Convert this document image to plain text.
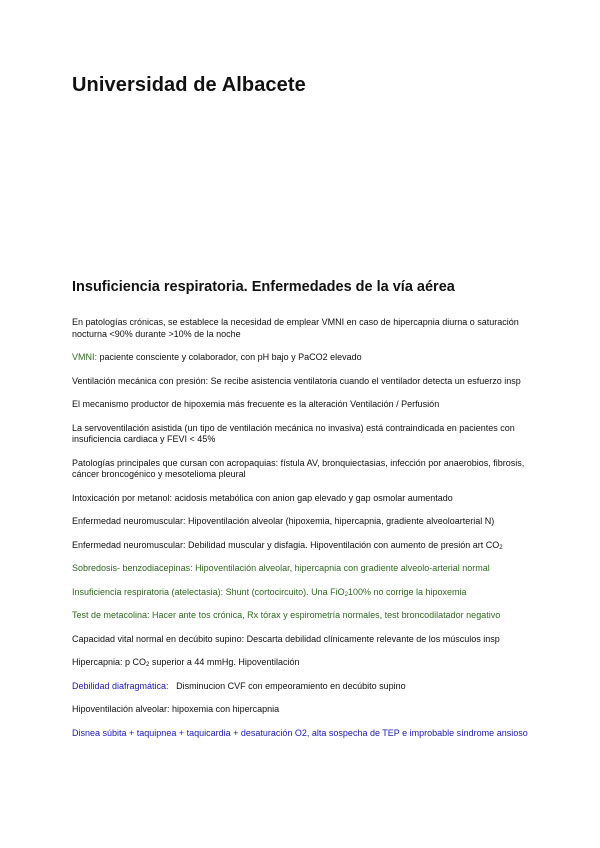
Universidad de Albacete
Insuficiencia respiratoria. Enfermedades de la vía aérea

En patologías crónicas, se establece la necesidad de emplear VMNI en caso de hipercapnia diurna o saturación nocturna <90% durante >10% de la noche

VMNI: paciente consciente y colaborador, con pH bajo y PaCO2 elevado

Ventilación mecánica con presión: Se recibe asistencia ventilatoria cuando el ventilador detecta un esfuerzo insp

El mecanismo productor de hipoxemia más frecuente es la alteración Ventilación / Perfusión

La servoventilación asistida (un tipo de ventilación mecánica no invasiva) está contraindicada en pacientes con insuficiencia cardiaca y FEVI < 45%

Patologías principales que cursan con acropaquias: fístula AV, bronquiectasias, infección por anaerobios, fibrosis, cáncer broncogénico y mesotelioma pleural

Intoxicación por metanol: acidosis metabólica con anion gap elevado y gap osmolar aumentado

Enfermedad neuromuscular: Hipoventilación alveolar (hipoxemia, hipercapnia, gradiente alveoloarterial N)

Enfermedad neuromuscular: Debilidad muscular y disfagia. Hipoventilación con aumento de presión art $CO_2$

Sobredosis- benzodiacepinas: Hipoventilación alveolar, hipercapnia con gradiente alveolo-arterial normal

Insuficiencia respiratoria (atelectasia): Shunt (cortocircuito). Una FiO$_2$100% no corrige la hipoxemia

Test de metacolina: Hacer ante tos crónica, Rx tórax y espirometría normales, test broncodilatador negativo

Capacidad vital normal en decúbito supino: Descarta debilidad clínicamente relevante de los músculos insp

Hipercapnia: p $CO_2$ superior a 44 mmHg. Hipoventilación

Debilidad diafragmática:   Disminucion CVF con empeoramiento en decúbito supino

Hipoventilación alveolar: hipoxemia con hipercapnia

Disnea súbita + taquipnea + taquicardia + desaturación O2, alta sospecha de TEP e improbable síndrome ansioso
